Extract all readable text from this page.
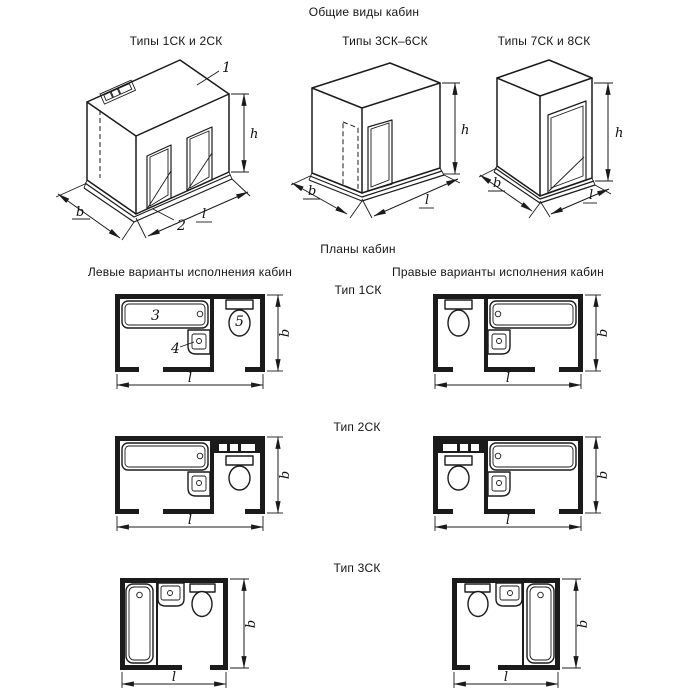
Общие виды кабин
Типы 1СК и 2СК	Типы 3СК–6СК	Типы 7СК и 8СК
1
2
h
b	l
h
b
l
h
b
l
Планы кабин
Левые варианты исполнения кабин	Правые варианты исполнения кабин
Тип 1СК
Тип 2СК
Тип 3СК
3
4
5
b
l
b
l
b
l
b
l
b
l
b
l
